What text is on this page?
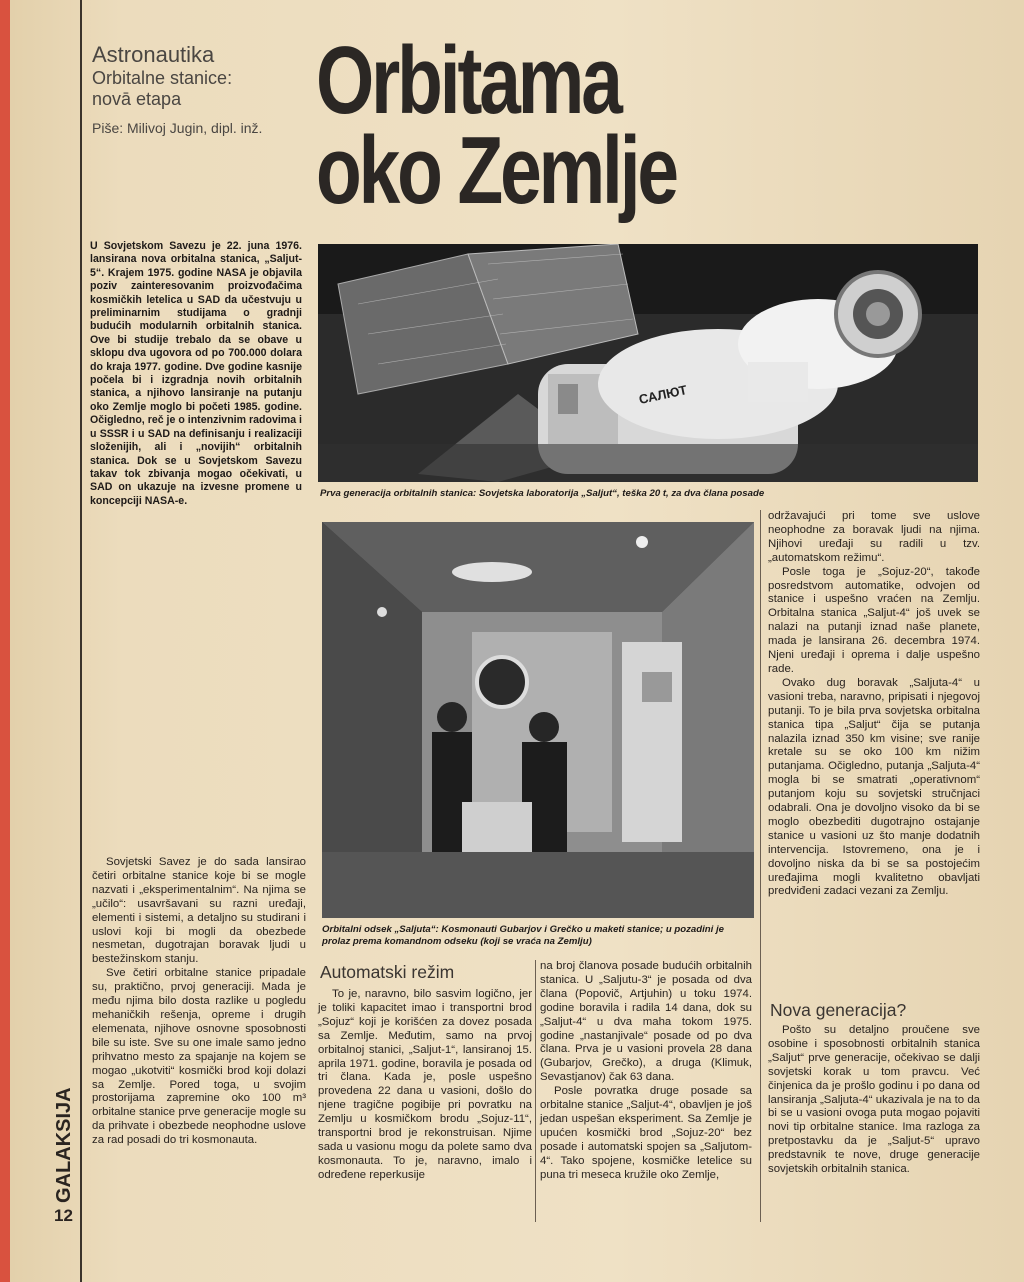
Astronautika
Orbitalne stanice:
novā etapa
Piše: Milivoj Jugin, dipl. inž. Orbitama
oko Zemlje
U Sovjetskom Savezu je 22. juna 1976. lansirana nova orbitalna stanica, „Saljut-5“. Krajem 1975. godine NASA je objavila poziv zainteresovanim proizvođačima kosmičkih letelica u SAD da učestvuju u preliminarnim studijama o gradnji budućih modularnih orbitalnih stanica. Ove bi studije trebalo da se obave u sklopu dva ugovora od po 700.000 dolara do kraja 1977. godine. Dve godine kasnije počela bi i izgradnja novih orbitalnih stanica, a njihovo lansiranje na putanju oko Zemlje moglo bi početi 1985. godine. Očigledno, reč je o intenzivnim radovima i u SSSR i u SAD na definisanju i realizaciji složenijih, ali i „novijih“ orbitalnih stanica. Dok se u Sovjetskom Savezu takav tok zbivanja mogao očekivati, u SAD on ukazuje na izvesne promene u koncepciji NASA-e.
САЛЮТ
Prva generacija orbitalnih stanica: Sovjetska laboratorija „Saljut“, teška 20 t, za dva člana posade
Orbitalni odsek „Saljuta“: Kosmonauti Gubarjov i Grečko u maketi stanice; u pozadini je prolaz prema komandnom odseku (koji se vraća na Zemlju)

Sovjetski Savez je do sada lansirao četiri orbitalne stanice koje bi se mogle nazvati i „eksperimentalnim“. Na njima se „učilo“: usavršavani su razni uređaji, elementi i sistemi, a detaljno su studirani i uslovi koji bi mogli da obezbede nesmetan, dugotrajan boravak ljudi u bestežinskom stanju.

Sve četiri orbitalne stanice pripadale su, praktično, prvoj generaciji. Mada je među njima bilo dosta razlike u pogledu mehaničkih rešenja, opreme i drugih elemenata, njihove osnovne sposobnosti bile su iste. Sve su one imale samo jedno prihvatno mesto za spajanje na kojem se mogao „ukotviti“ kosmički brod koji dolazi sa Zemlje. Pored toga, u svojim prostorijama zapremine oko 100 m³ orbitalne stanice prve generacije mogle su da prihvate i obezbede neophodne uslove za rad posadi do tri kosmonauta.

Automatski režim

To je, naravno, bilo sasvim logično, jer je toliki kapacitet imao i transportni brod „Sojuz“ koji je korišćen za dovez posada sa Zemlje. Međutim, samo na prvoj orbitalnoj stanici, „Saljut-1“, lansiranoj 15. aprila 1971. godine, boravila je posada od tri člana. Kada je, posle uspešno provedena 22 dana u vasioni, došlo do njene tragične pogibije pri povratku na Zemlju u kosmičkom brodu „Sojuz-11“, transportni brod je rekonstruisan. Njime sada u vasionu mogu da polete samo dva kosmonauta. To je, naravno, imalo i određene reperkusije

na broj članova posade budućih orbitalnih stanica. U „Saljutu-3“ je posada od dva člana (Popovič, Artjuhin) u toku 1974. godine boravila i radila 14 dana, dok su „Saljut-4“ u dva maha tokom 1975. godine „nastanjivale“ posade od po dva člana. Prva je u vasioni provela 28 dana (Gubarjov, Grečko), a druga (Klimuk, Sevastjanov) čak 63 dana.

Posle povratka druge posade sa orbitalne stanice „Saljut-4“, obavljen je još jedan uspešan eksperiment. Sa Zemlje je upućen kosmički brod „Sojuz-20“ bez posade i automatski spojen sa „Saljutom-4“. Tako spojene, kosmičke letelice su puna tri meseca kružile oko Zemlje,

održavajući pri tome sve uslove neophodne za boravak ljudi na njima. Njihovi uređaji su radili u tzv. „automatskom režimu“.

Posle toga je „Sojuz-20“, takođe posredstvom automatike, odvojen od stanice i uspešno vraćen na Zemlju. Orbitalna stanica „Saljut-4“ još uvek se nalazi na putanji iznad naše planete, mada je lansirana 26. decembra 1974. Njeni uređaji i oprema i dalje uspešno rade.

Ovako dug boravak „Saljuta-4“ u vasioni treba, naravno, pripisati i njegovoj putanji. To je bila prva sovjetska orbitalna stanica tipa „Saljut“ čija se putanja nalazila iznad 350 km visine; sve ranije kretale su se oko 100 km nižim putanjama. Očigledno, putanja „Saljuta-4“ mogla bi se smatrati „operativnom“ putanjom koju su sovjetski stručnjaci odabrali. Ona je dovoljno visoko da bi se moglo obezbediti dugotrajno ostajanje stanice u vasioni uz što manje dodatnih intervencija. Istovremeno, ona je i dovoljno niska da bi se sa postojećim uređajima mogli kvalitetno obavljati predviđeni zadaci vezani za Zemlju.

Nova generacija?

Pošto su detaljno proučene sve osobine i sposobnosti orbitalnih stanica „Saljut“ prve generacije, očekivao se dalji sovjetski korak u tom pravcu. Već činjenica da je prošlo godinu i po dana od lansiranja „Saljuta-4“ ukazivala je na to da bi se u vasioni ovoga puta mogao pojaviti novi tip orbitalne stanice. Ima razloga za pretpostavku da je „Saljut-5“ upravo predstavnik te nove, druge generacije sovjetskih orbitalnih stanica.

GALAKSIJA
12
